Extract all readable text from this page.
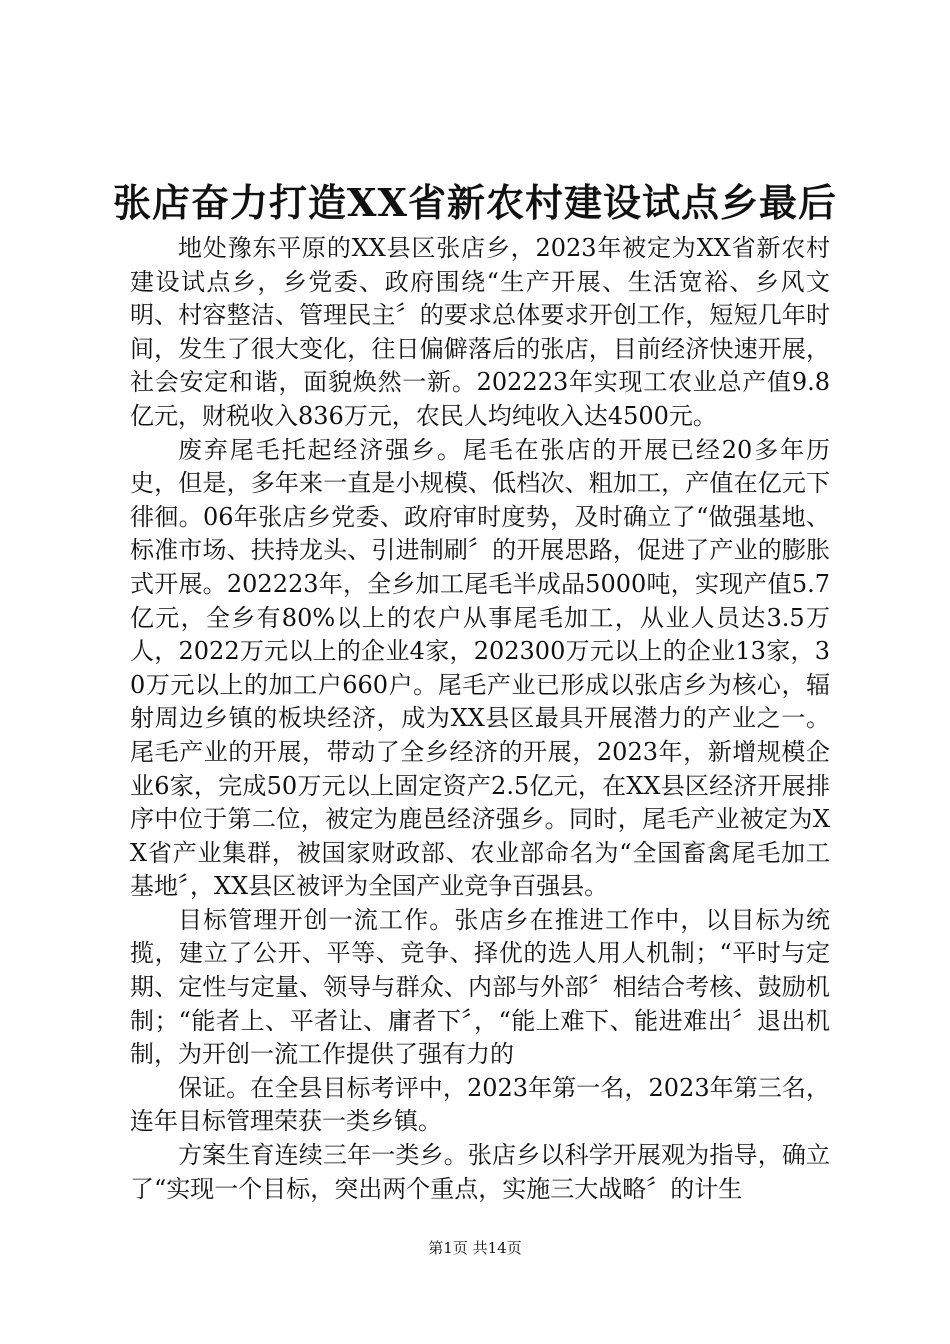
张店奋力打造XX省新农村建设试点乡最后

地处豫东平原的XX县区张店乡，2023年被定为XX省新农村建设试点乡，乡党委、政府围绕“生产开展、生活宽裕、乡风文明、村容整洁、管理民主〞的要求总体要求开创工作，短短几年时间，发生了很大变化，往日偏僻落后的张店，目前经济快速开展，社会安定和谐，面貌焕然一新。202223年实现工农业总产值9.8亿元，财税收入836万元，农民人均纯收入达4500元。

废弃尾毛托起经济强乡。尾毛在张店的开展已经20多年历史，但是，多年来一直是小规模、低档次、粗加工，产值在亿元下徘徊。06年张店乡党委、政府审时度势，及时确立了“做强基地、标准市场、扶持龙头、引进制刷〞的开展思路，促进了产业的膨胀式开展。202223年，全乡加工尾毛半成品5000吨，实现产值5.7亿元，全乡有80%以上的农户从事尾毛加工，从业人员达3.5万人，2022万元以上的企业4家，202300万元以上的企业13家，30万元以上的加工户660户。尾毛产业已形成以张店乡为核心，辐射周边乡镇的板块经济，成为XX县区最具开展潜力的产业之一。尾毛产业的开展，带动了全乡经济的开展，2023年，新增规模企业6家，完成50万元以上固定资产2.5亿元，在XX县区经济开展排序中位于第二位，被定为鹿邑经济强乡。同时，尾毛产业被定为XX省产业集群，被国家财政部、农业部命名为“全国畜禽尾毛加工基地〞，XX县区被评为全国产业竞争百强县。

目标管理开创一流工作。张店乡在推进工作中，以目标为统揽，建立了公开、平等、竞争、择优的选人用人机制；“平时与定期、定性与定量、领导与群众、内部与外部〞相结合考核、鼓励机制；“能者上、平者让、庸者下〞，“能上难下、能进难出〞退出机制，为开创一流工作提供了强有力的

保证。在全县目标考评中，2023年第一名，2023年第三名，连年目标管理荣获一类乡镇。

方案生育连续三年一类乡。张店乡以科学开展观为指导，确立了“实现一个目标，突出两个重点，实施三大战略〞的计生

第1页 共14页
